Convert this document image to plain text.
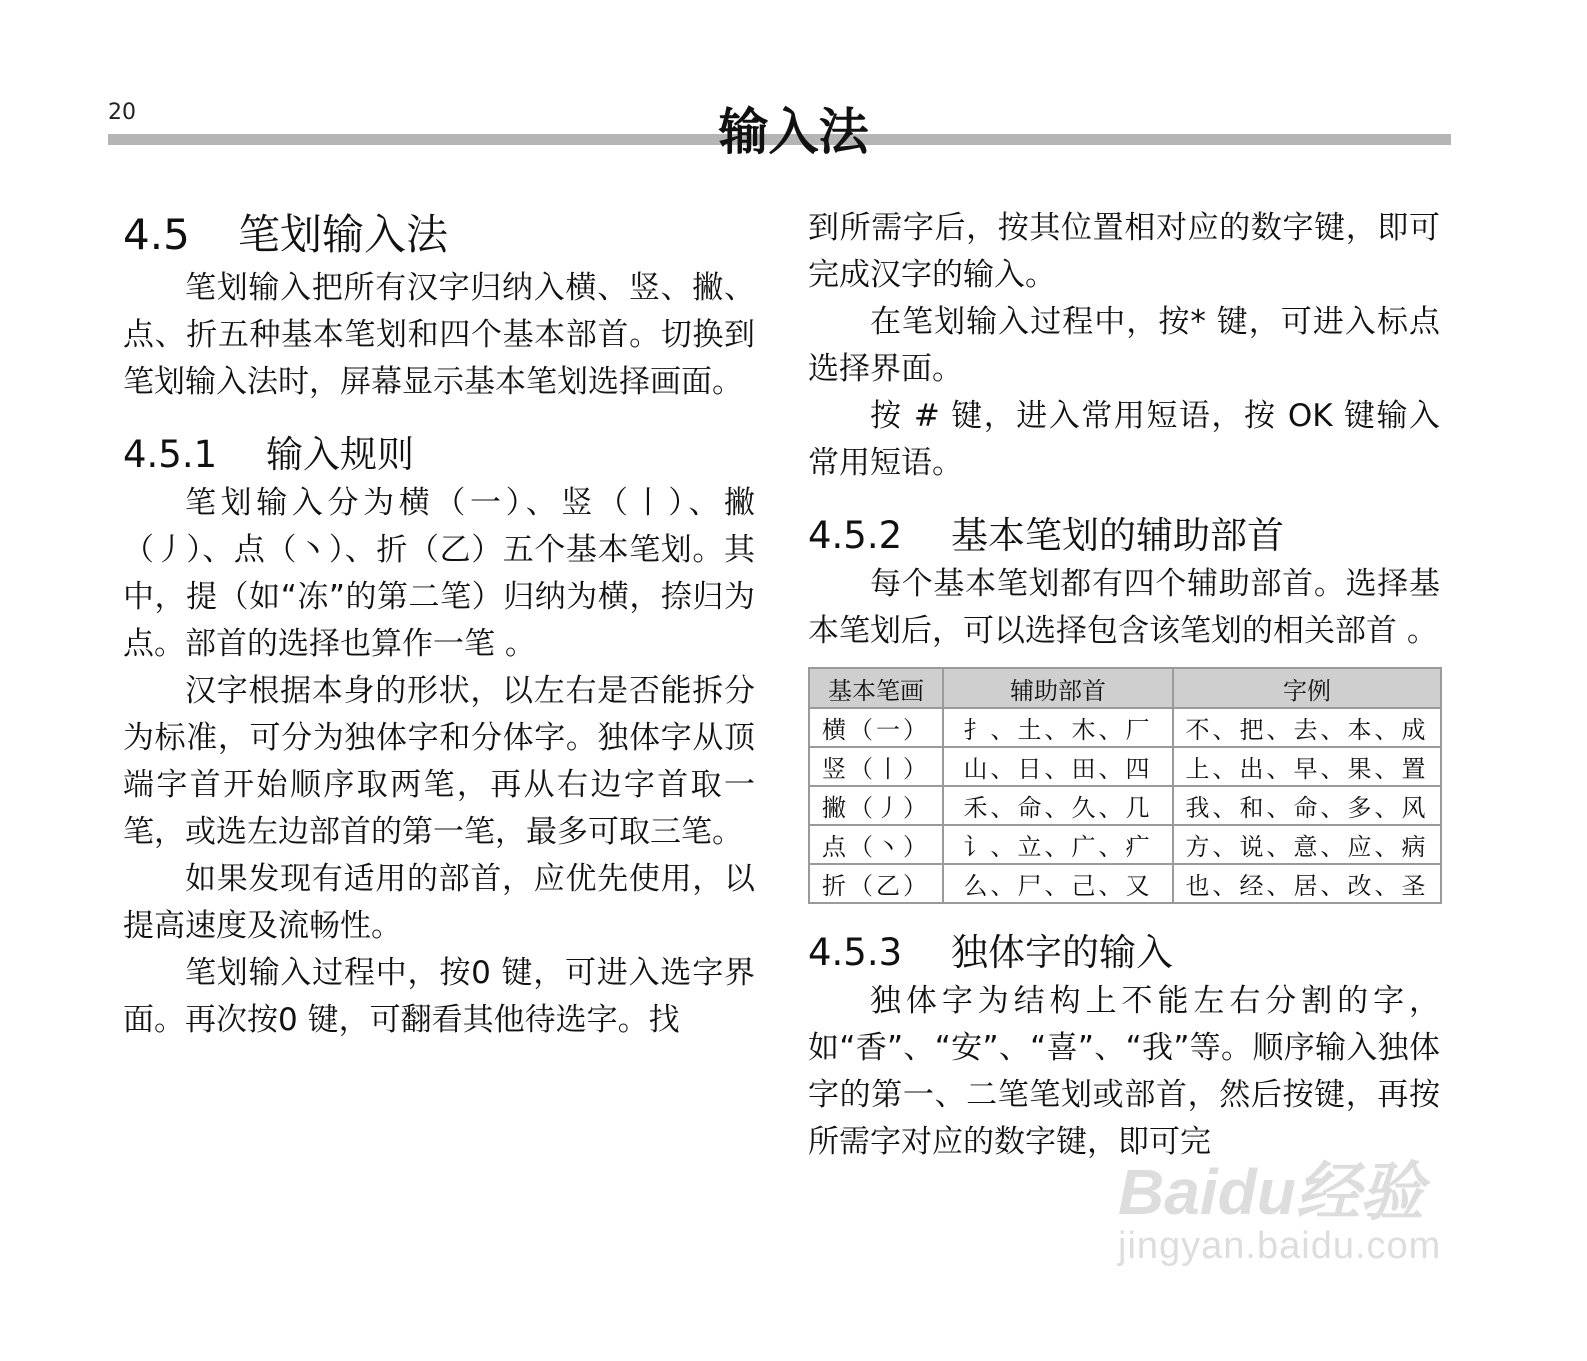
20	输入法
4.5	笔划输入法

笔划输入把所有汉字归纳入横、竖、撇、点、折五种基本笔划和四个基本部首。切换到笔划输入法时，屏幕显示基本笔划选择画面。

4.5.1	输入规则

笔划输入分为横（一）、竖（丨）、撇（丿）、点（丶）、折（乙）五个基本笔划。其中，提（如“冻”的第二笔）归纳为横，捺归为点。部首的选择也算作一笔 。

汉字根据本身的形状，以左右是否能拆分为标准，可分为独体字和分体字。独体字从顶端字首开始顺序取两笔，再从右边字首取一笔，或选左边部首的第一笔，最多可取三笔。

如果发现有适用的部首，应优先使用，以提高速度及流畅性。

笔划输入过程中，按0 键，可进入选字界面。再次按0 键，可翻看其他待选字。找

到所需字后，按其位置相对应的数字键，即可完成汉字的输入。

在笔划输入过程中，按* 键，可进入标点选择界面。

按 # 键，进入常用短语，按 OK 键输入常用短语。

4.5.2	基本笔划的辅助部首

每个基本笔划都有四个辅助部首。选择基本笔划后，可以选择包含该笔划的相关部首 。

基本笔画	辅助部首	字例
横（一）	扌、土、木、厂	不、把、去、本、成
竖（丨）	山、日、田、四	上、出、早、果、置
撇（丿）	禾、命、久、几	我、和、命、多、风
点（丶）	讠、立、广、疒	方、说、意、应、病
折（乙）	么、尸、己、又	也、经、居、改、圣
4.5.3	独体字的输入

独体字为结构上不能左右分割的字，如“香”、“安”、“喜”、“我”等。顺序输入独体字的第一、二笔笔划或部首，然后按键，再按所需字对应的数字键，即可完

Baidu经验
jingyan.baidu.com
